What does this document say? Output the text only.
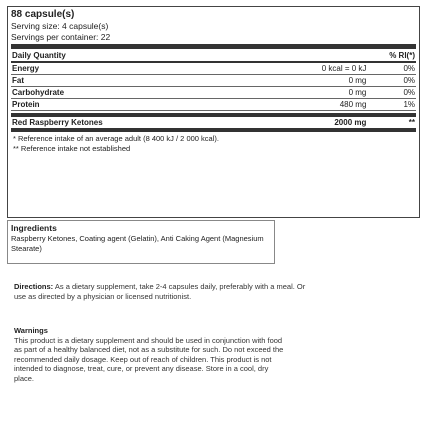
88 capsule(s)
Serving size: 4 capsule(s)
Servings per container: 22
Daily Quantity		% RI(*)
Energy	0 kcal = 0 kJ	0%
Fat	0 mg	0%
Carbohydrate	0 mg	0%
Protein	480 mg	1%

Red Raspberry Ketones	2000 mg	**
* Reference intake of an average adult (8 400 kJ / 2 000 kcal).
** Reference intake not established
Ingredients
Raspberry Ketones, Coating agent (Gelatin), Anti Caking Agent (Magnesium Stearate)
Directions: As a dietary supplement, take 2-4 capsules daily, preferably with a meal. Or use as directed by a physician or licensed nutritionist.
Warnings
This product is a dietary supplement and should be used in conjunction with food as part of a healthy balanced diet, not as a substitute for such. Do not exceed the recommended daily dosage. Keep out of reach of children. This product is not intended to diagnose, treat, cure, or prevent any disease. Store in a cool, dry place.
